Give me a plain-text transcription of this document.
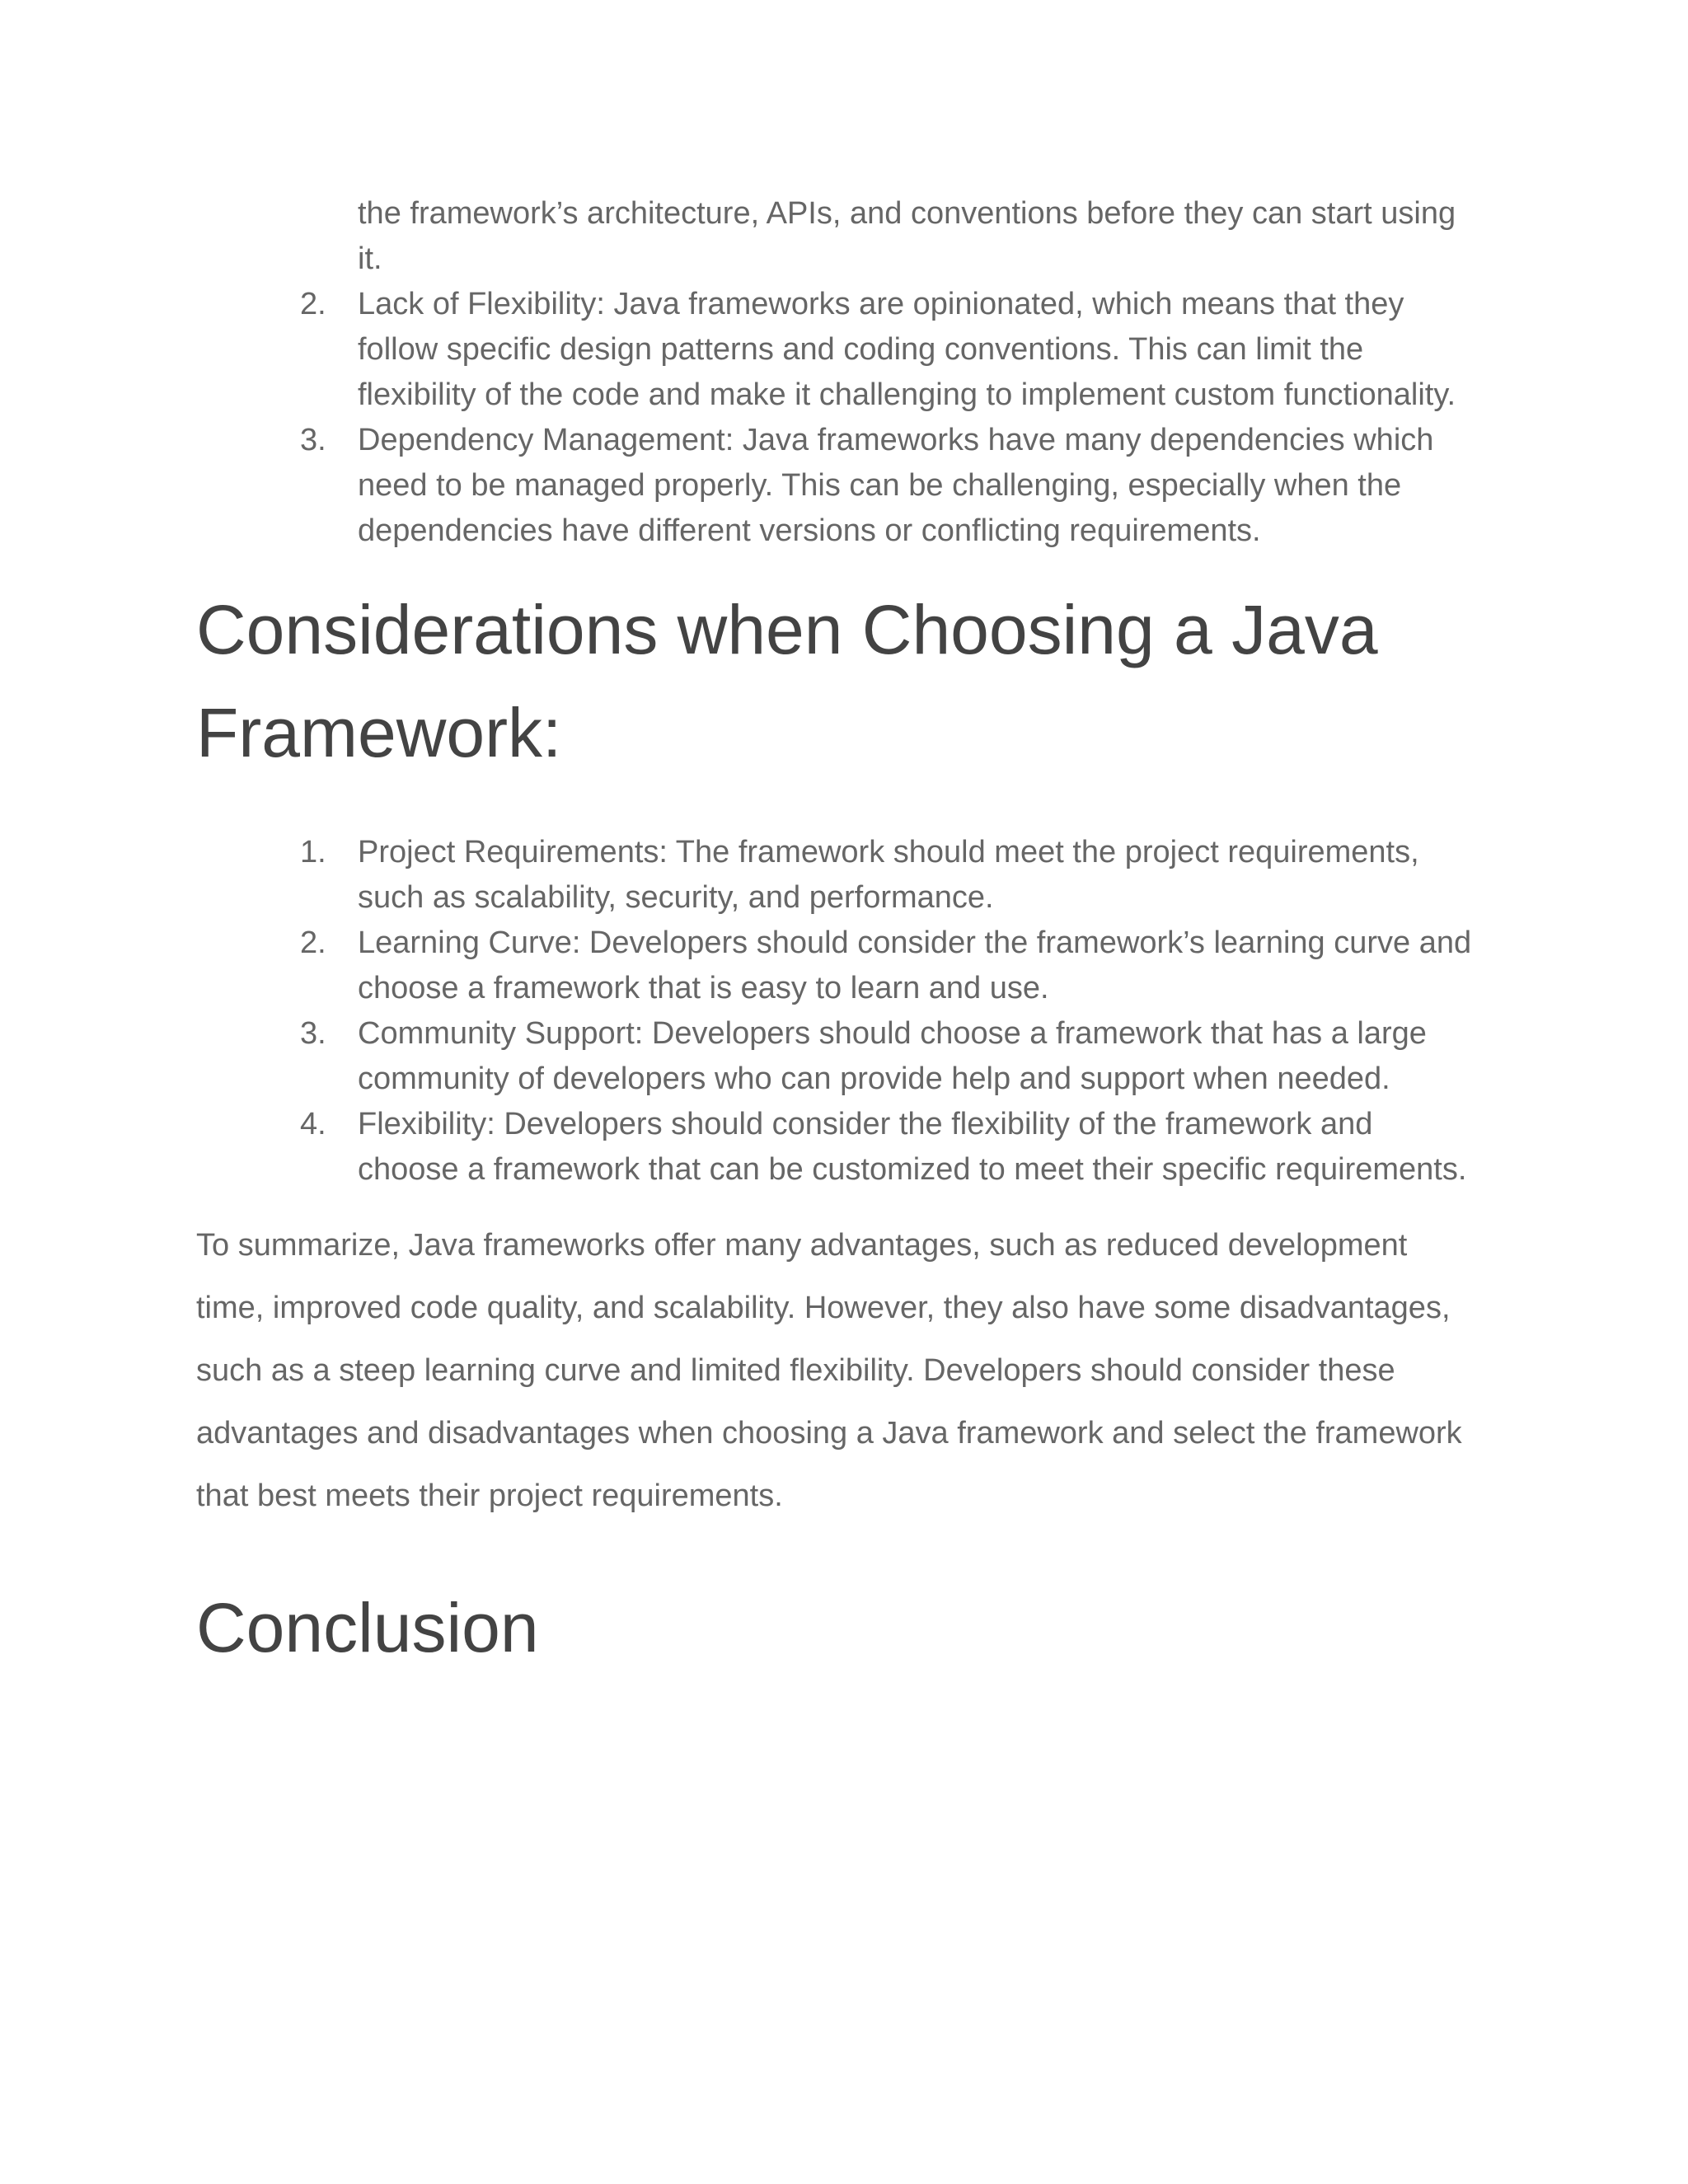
the framework’s architecture, APIs, and conventions before they can start using it.
2.	Lack of Flexibility: Java frameworks are opinionated, which means that they follow specific design patterns and coding conventions. This can limit the flexibility of the code and make it challenging to implement custom functionality.
3.	Dependency Management: Java frameworks have many dependencies which need to be managed properly. This can be challenging, especially when the dependencies have different versions or conflicting requirements.
Considerations when Choosing a Java Framework:
1.	Project Requirements: The framework should meet the project requirements, such as scalability, security, and performance.
2.	Learning Curve: Developers should consider the framework’s learning curve and choose a framework that is easy to learn and use.
3.	Community Support: Developers should choose a framework that has a large community of developers who can provide help and support when needed.
4.	Flexibility: Developers should consider the flexibility of the framework and choose a framework that can be customized to meet their specific requirements.

To summarize, Java frameworks offer many advantages, such as reduced development time, improved code quality, and scalability. However, they also have some disadvantages, such as a steep learning curve and limited flexibility. Developers should consider these advantages and disadvantages when choosing a Java framework and select the framework that best meets their project requirements.

Conclusion
